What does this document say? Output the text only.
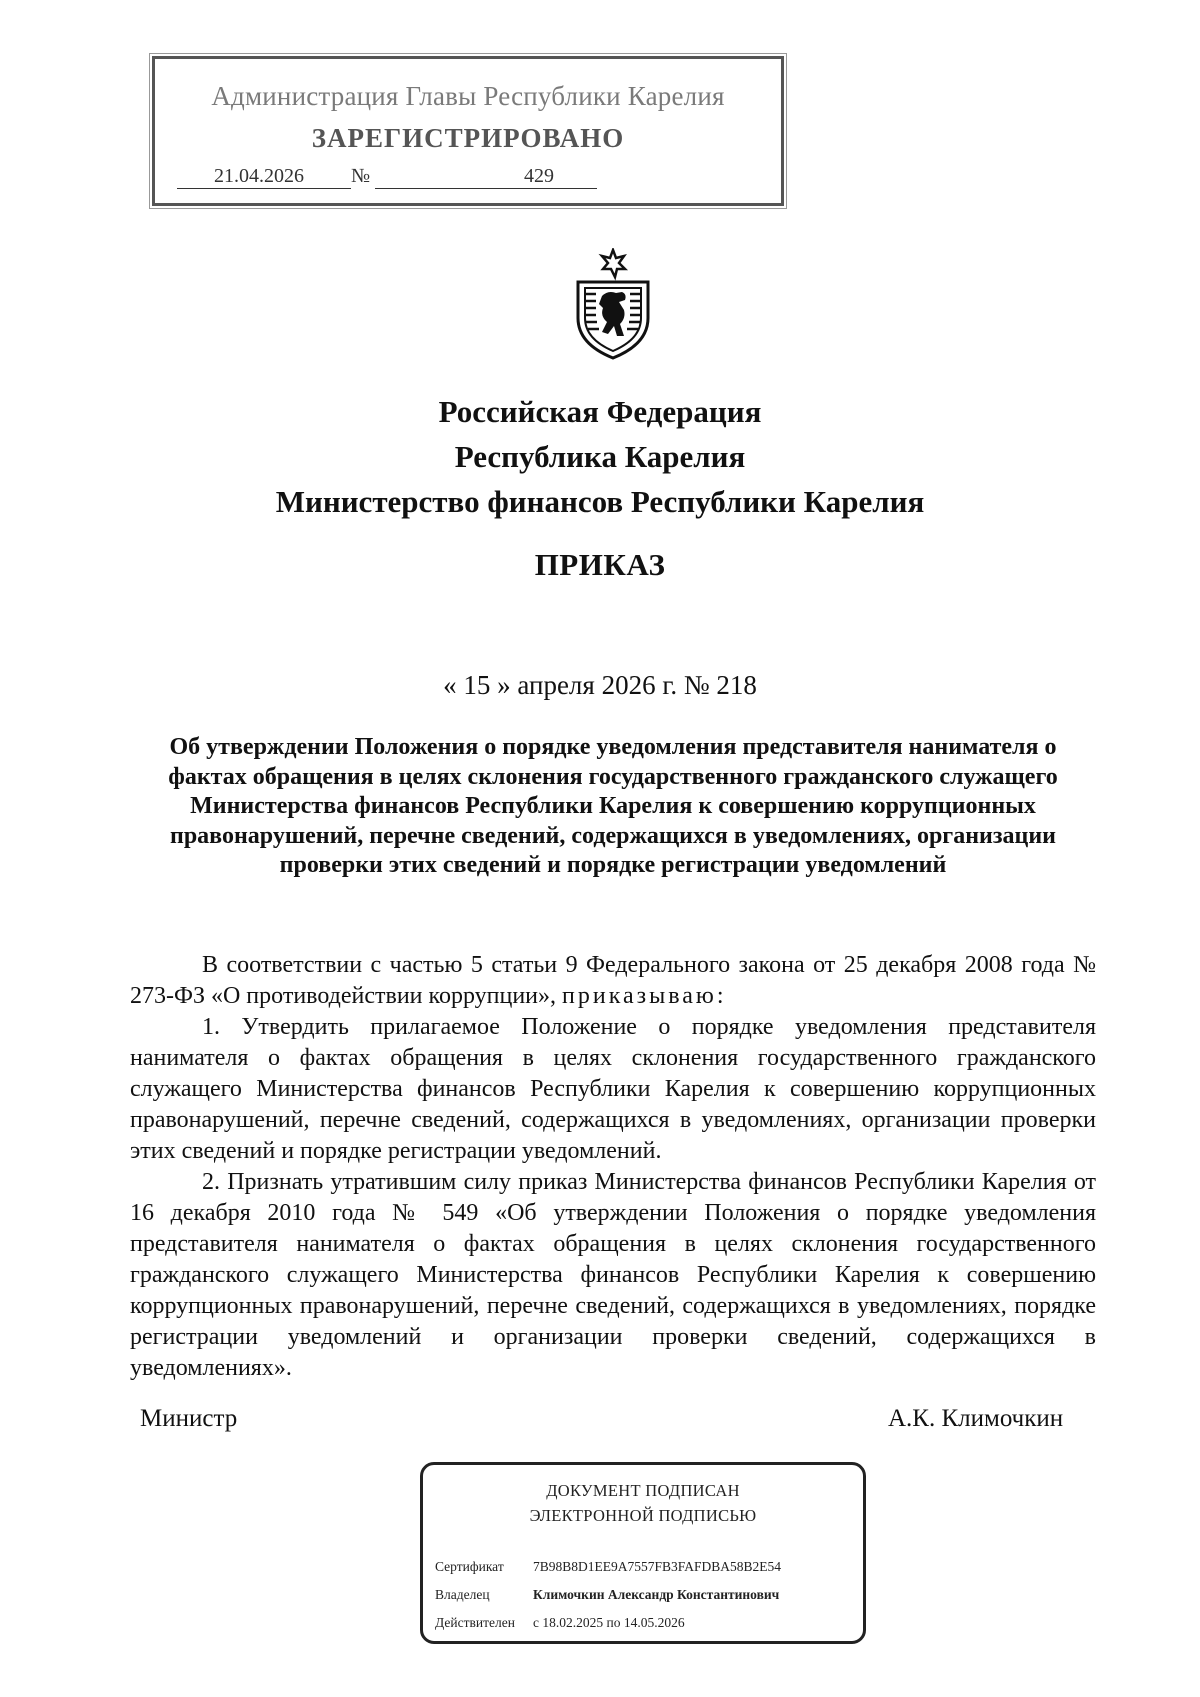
Администрация Главы Республики Карелия
ЗАРЕГИСТРИРОВАНО
21.04.2026 №	429
Российская Федерация
Республика Карелия
Министерство финансов Республики Карелия
ПРИКАЗ
« 15 » апреля 2026 г. № 218
Об утверждении Положения о порядке уведомления представителя нанимателя о фактах обращения в целях склонения государственного гражданского служащего Министерства финансов Республики Карелия к совершению коррупционных правонарушений, перечне сведений, содержащихся в уведомлениях, организации проверки этих сведений и порядке регистрации уведомлений

В соответствии с частью 5 статьи 9 Федерального закона от 25 декабря 2008 года № 273-ФЗ «О противодействии коррупции», приказываю:

1. Утвердить прилагаемое Положение о порядке уведомления представителя нанимателя о фактах обращения в целях склонения государственного гражданского служащего Министерства финансов Республики Карелия к совершению коррупционных правонарушений, перечне сведений, содержащихся в уведомлениях, организации проверки этих сведений и порядке регистрации уведомлений.

2. Признать утратившим силу приказ Министерства финансов Республики Карелия от 16 декабря 2010 года № 549 «Об утверждении Положения о порядке уведомления представителя нанимателя о фактах обращения в целях склонения государственного гражданского служащего Министерства финансов Республики Карелия к совершению коррупционных правонарушений, перечне сведений, содержащихся в уведомлениях, порядке регистрации уведомлений и организации проверки сведений, содержащихся в уведомлениях».

Министр	А.К. Климочкин
ДОКУМЕНТ ПОДПИСАН
ЭЛЕКТРОННОЙ ПОДПИСЬЮ
Сертификат 7B98B8D1EE9A7557FB3FAFDBA58B2E54
Владелец	Климочкин Александр Константинович
Действителен с 18.02.2025 по 14.05.2026
